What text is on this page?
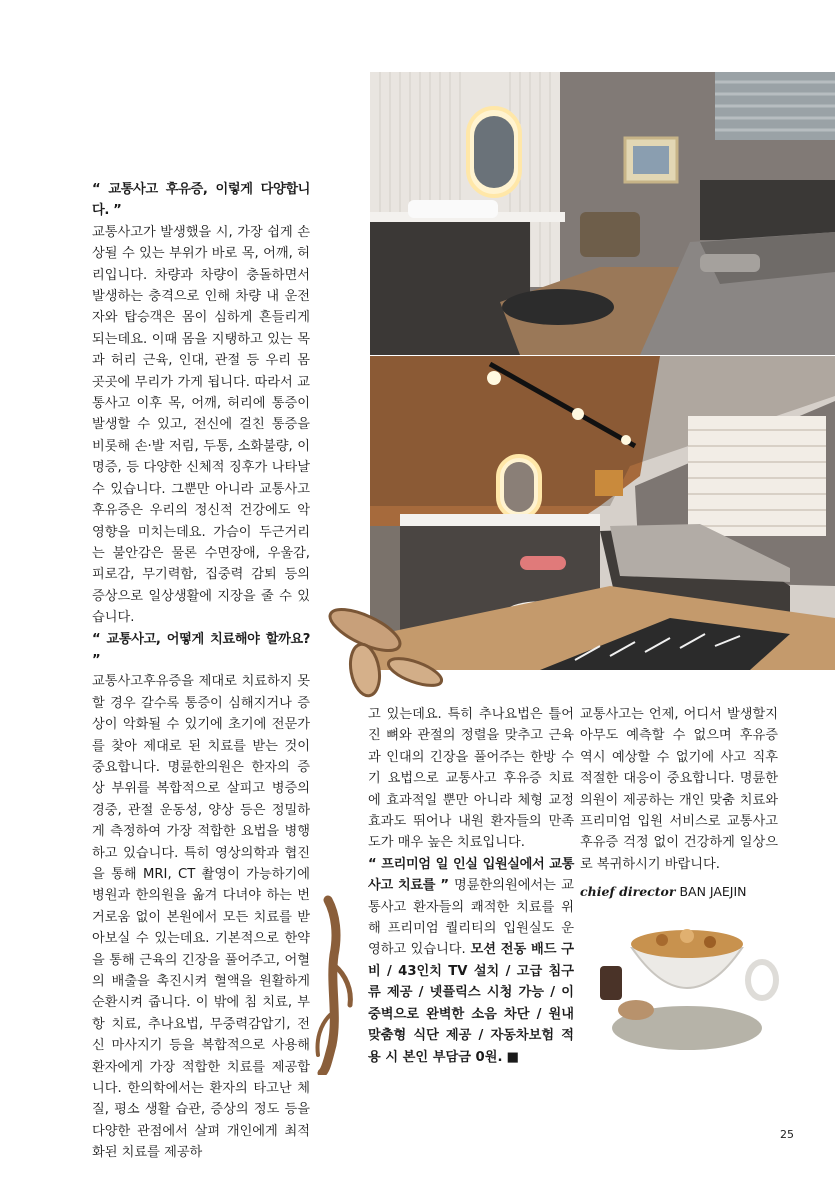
“ 교통사고 후유증, 이렇게 다양합니다. ”

교통사고가 발생했을 시, 가장 쉽게 손상될 수 있는 부위가 바로 목, 어깨, 허리입니다. 차량과 차량이 충돌하면서 발생하는 충격으로 인해 차량 내 운전자와 탑승객은 몸이 심하게 흔들리게 되는데요. 이때 몸을 지탱하고 있는 목과 허리 근육, 인대, 관절 등 우리 몸 곳곳에 무리가 가게 됩니다. 따라서 교통사고 이후 목, 어깨, 허리에 통증이 발생할 수 있고, 전신에 걸친 통증을 비롯해 손·발 저림, 두통, 소화불량, 이명증, 등 다양한 신체적 징후가 나타날 수 있습니다. 그뿐만 아니라 교통사고 후유증은 우리의 정신적 건강에도 악영향을 미치는데요. 가슴이 두근거리는 불안감은 물론 수면장애, 우울감, 피로감, 무기력함, 집중력 감퇴 등의 증상으로 일상생활에 지장을 줄 수 있습니다.

“ 교통사고, 어떻게 치료해야 할까요? ”

교통사고후유증을 제대로 치료하지 못할 경우 갈수록 통증이 심해지거나 증상이 악화될 수 있기에 초기에 전문가를 찾아 제대로 된 치료를 받는 것이 중요합니다. 명륜한의원은 한자의 증상 부위를 복합적으로 살피고 병증의 경중, 관절 운동성, 양상 등은 정밀하게 측정하여 가장 적합한 요법을 병행하고 있습니다. 특히 영상의학과 협진을 통해 MRI, CT 촬영이 가능하기에 병원과 한의원을 옮겨 다녀야 하는 번거로움 없이 본원에서 모든 치료를 받아보실 수 있는데요. 기본적으로 한약을 통해 근육의 긴장을 풀어주고, 어혈의 배출을 촉진시켜 혈액을 원활하게 순환시켜 줍니다. 이 밖에 침 치료, 부항 치료, 추나요법, 무중력감압기, 전신 마사지기 등을 복합적으로 사용해 환자에게 가장 적합한 치료를 제공합니다. 한의학에서는 환자의 타고난 체질, 평소 생활 습관, 증상의 정도 등을 다양한 관점에서 살펴 개인에게 최적화된 치료를 제공하

고 있는데요. 특히 추나요법은 틀어진 뼈와 관절의 정렬을 맞추고 근육과 인대의 긴장을 풀어주는 한방 수기 요법으로 교통사고 후유증 치료에 효과적일 뿐만 아니라 체형 교정 효과도 뛰어나 내원 환자들의 만족도가 매우 높은 치료입니다.

“ 프리미엄 일 인실 입원실에서 교통사고 치료를 ” 명륜한의원에서는 교통사고 환자들의 쾌적한 치료를 위해 프리미엄 퀄리티의 입원실도 운영하고 있습니다. 모션 전동 배드 구비 / 43인치 TV 설치 / 고급 침구류 제공 / 넷플릭스 시청 가능 / 이중벽으로 완벽한 소음 차단 / 원내 맞춤형 식단 제공 / 자동차보험 적용 시 본인 부담금 0원. ■

교통사고는 언제, 어디서 발생할지 아무도 예측할 수 없으며 후유증 역시 예상할 수 없기에 사고 직후 적절한 대응이 중요합니다. 명륜한의원이 제공하는 개인 맞춤 치료와 프리미엄 입원 서비스로 교통사고 후유증 걱정 없이 건강하게 일상으로 복귀하시기 바랍니다.

chief director BAN JAEJIN

25
